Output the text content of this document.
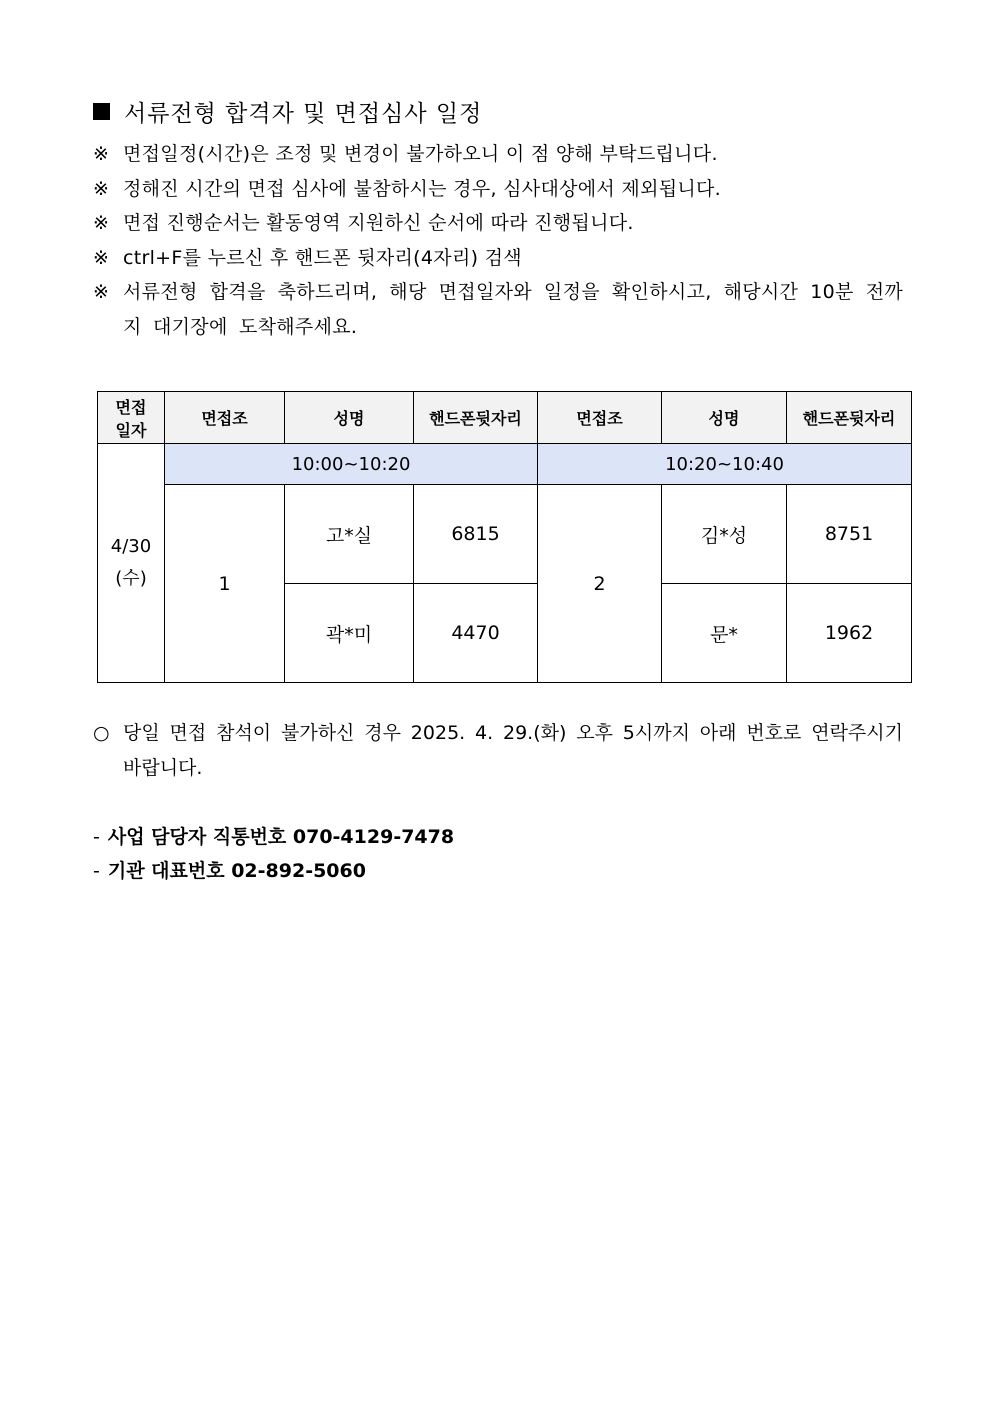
서류전형 합격자 및 면접심사 일정
※ 면접일정(시간)은 조정 및 변경이 불가하오니 이 점 양해 부탁드립니다.
※ 정해진 시간의 면접 심사에 불참하시는 경우, 심사대상에서 제외됩니다.
※ 면접 진행순서는 활동영역 지원하신 순서에 따라 진행됩니다.
※ ctrl+F를 누르신 후 핸드폰 뒷자리(4자리) 검색
※ 서류전형 합격을 축하드리며, 해당 면접일자와 일정을 확인하시고, 해당시간 10분 전까지 대기장에 도착해주세요.
면접
일자	면접조	성명	핸드폰뒷자리	면접조	성명	핸드폰뒷자리
4/30
(수)	10:00~10:20			10:20~10:40		
	1	고*실	6815	2	김*성	8751
		곽*미	4470		문*	1962
○ 당일 면접 참석이 불가하신 경우 2025. 4. 29.(화) 오후 5시까지 아래 번호로 연락주시기 바랍니다.
- 사업 담당자 직통번호 070-4129-7478
- 기관 대표번호 02-892-5060
